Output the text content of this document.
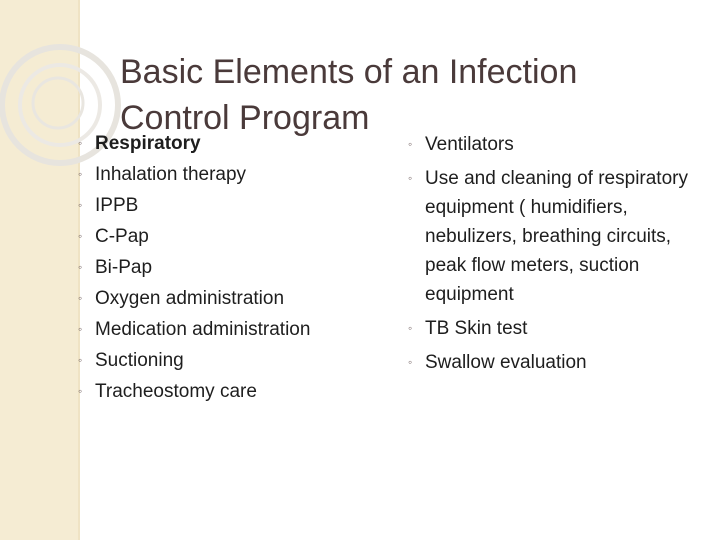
Basic Elements of an Infection
Control Program
◦ Respiratory
◦ Inhalation therapy
◦ IPPB
◦ C-Pap
◦ Bi-Pap
◦ Oxygen administration
◦ Medication administration
◦ Suctioning
◦ Tracheostomy care
◦ Ventilators
◦ Use and cleaning of respiratory equipment ( humidifiers, nebulizers, breathing circuits, peak flow meters, suction equipment
◦ TB Skin test
◦ Swallow evaluation
